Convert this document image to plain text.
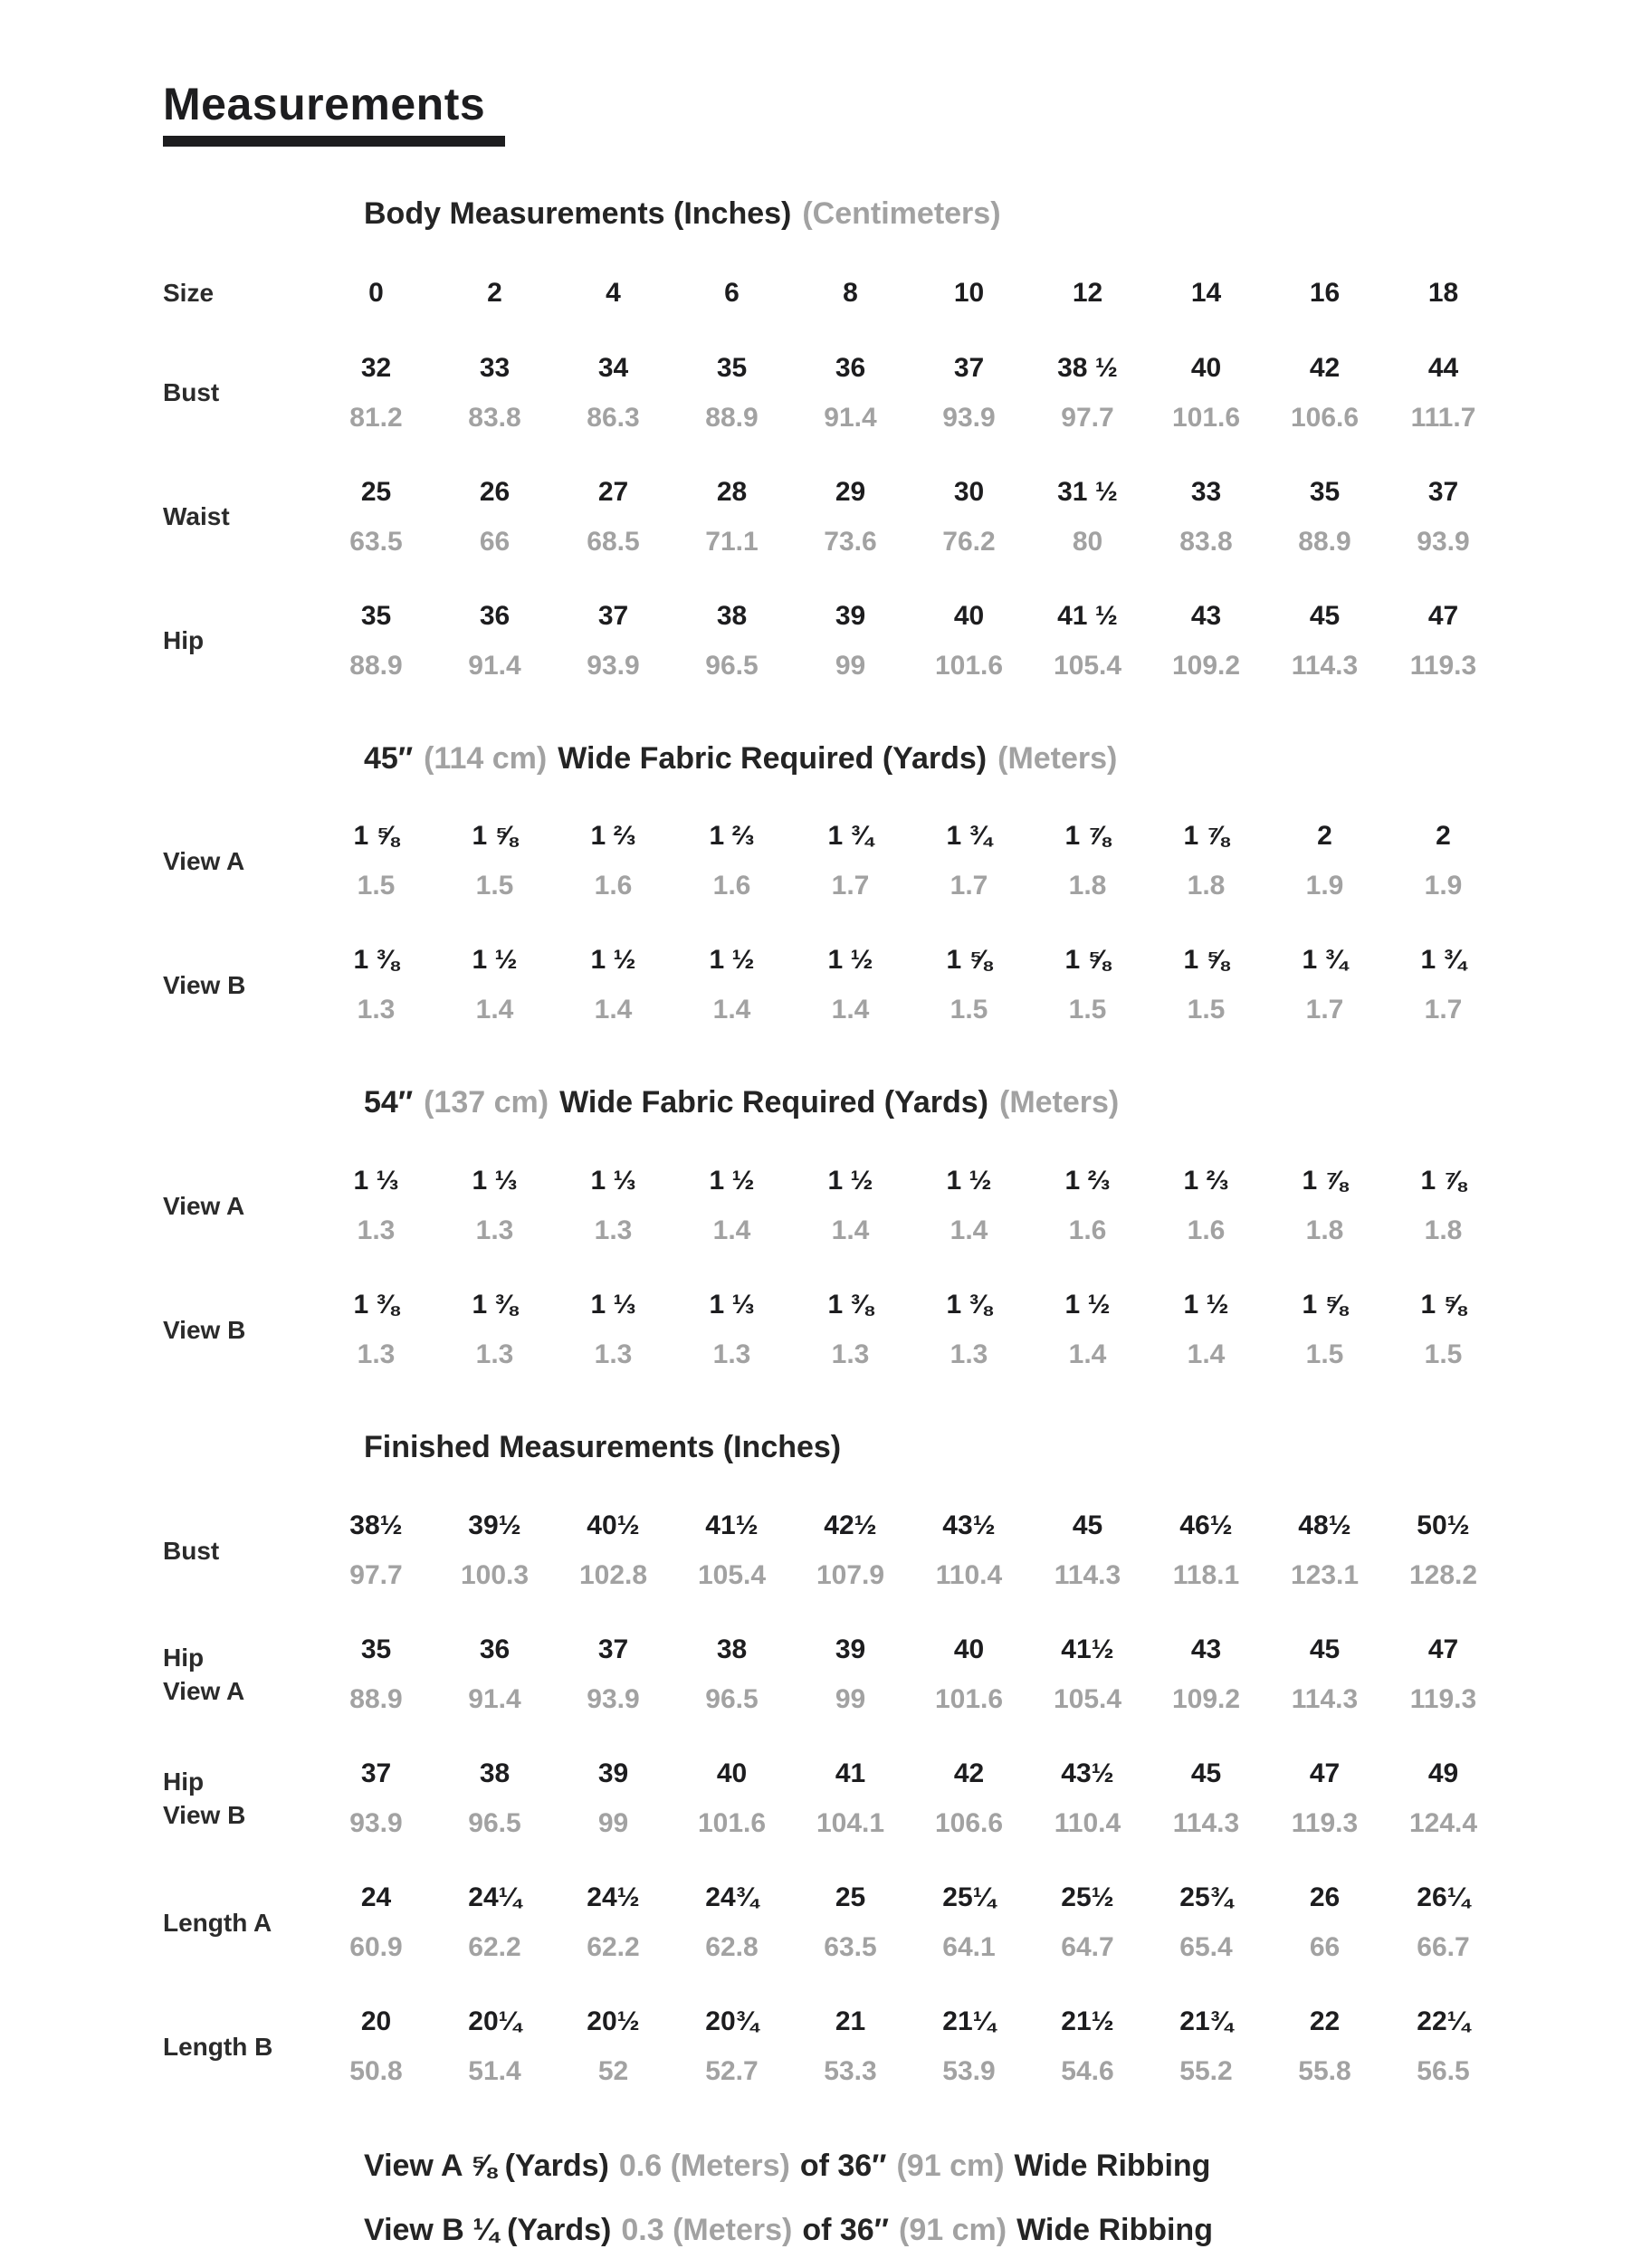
Measurements
Body Measurements (Inches) (Centimeters)
Size	0	2	4	6	8	10	12	14	16	18
Bust
32	33	34	35	36	37	38 ½	40	42	44
81.2	83.8	86.3	88.9	91.4	93.9	97.7	101.6	106.6	111.7
Waist
25	26	27	28	29	30	31 ½	33	35	37
63.5	66	68.5	71.1	73.6	76.2	80	83.8	88.9	93.9
Hip
35	36	37	38	39	40	41 ½	43	45	47
88.9	91.4	93.9	96.5	99	101.6	105.4	109.2	114.3	119.3
45″ (114 cm) Wide Fabric Required (Yards) (Meters)
View A
1 ⅝	1 ⅝	1 ⅔	1 ⅔	1 ¾	1 ¾	1 ⅞	1 ⅞	2	2
1.5	1.5	1.6	1.6	1.7	1.7	1.8	1.8	1.9	1.9
View B
1 ⅜	1 ½	1 ½	1 ½	1 ½	1 ⅝	1 ⅝	1 ⅝	1 ¾	1 ¾
1.3	1.4	1.4	1.4	1.4	1.5	1.5	1.5	1.7	1.7
54″ (137 cm) Wide Fabric Required (Yards) (Meters)
View A
1 ⅓	1 ⅓	1 ⅓	1 ½	1 ½	1 ½	1 ⅔	1 ⅔	1 ⅞	1 ⅞
1.3	1.3	1.3	1.4	1.4	1.4	1.6	1.6	1.8	1.8
View B
1 ⅜	1 ⅜	1 ⅓	1 ⅓	1 ⅜	1 ⅜	1 ½	1 ½	1 ⅝	1 ⅝
1.3	1.3	1.3	1.3	1.3	1.3	1.4	1.4	1.5	1.5
Finished Measurements (Inches)
Bust
38½	39½	40½	41½	42½	43½	45	46½	48½	50½
97.7	100.3	102.8	105.4	107.9	110.4	114.3	118.1	123.1	128.2
Hip
View A
35	36	37	38	39	40	41½	43	45	47
88.9	91.4	93.9	96.5	99	101.6	105.4	109.2	114.3	119.3
Hip
View B
37	38	39	40	41	42	43½	45	47	49
93.9	96.5	99	101.6	104.1	106.6	110.4	114.3	119.3	124.4
Length A
24	24¼	24½	24¾	25	25¼	25½	25¾	26	26¼
60.9	62.2	62.2	62.8	63.5	64.1	64.7	65.4	66	66.7
Length B
20	20¼	20½	20¾	21	21¼	21½	21¾	22	22¼
50.8	51.4	52	52.7	53.3	53.9	54.6	55.2	55.8	56.5
View A ⅝ (Yards) 0.6 (Meters) of 36″ (91 cm) Wide Ribbing
View B ¼ (Yards) 0.3 (Meters) of 36″ (91 cm) Wide Ribbing
